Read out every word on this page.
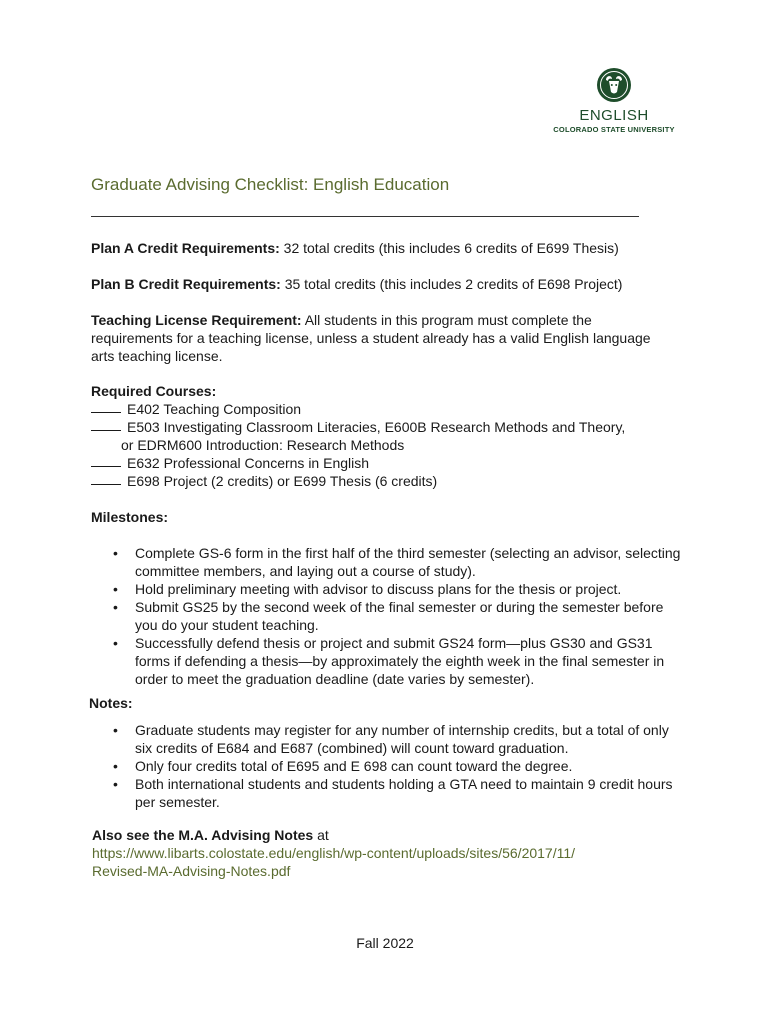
ENGLISH
COLORADO STATE UNIVERSITY
Graduate Advising Checklist: English Education
Plan A Credit Requirements: 32 total credits (this includes 6 credits of E699 Thesis)
Plan B Credit Requirements: 35 total credits (this includes 2 credits of E698 Project)
Teaching License Requirement: All students in this program must complete the requirements for a teaching license, unless a student already has a valid English language arts teaching license.
Required Courses:
E402 Teaching Composition
E503 Investigating Classroom Literacies, E600B Research Methods and Theory,
or EDRM600 Introduction: Research Methods
E632 Professional Concerns in English
E698 Project (2 credits) or E699 Thesis (6 credits)
Milestones:
• Complete GS-6 form in the first half of the third semester (selecting an advisor, selecting committee members, and laying out a course of study).
• Hold preliminary meeting with advisor to discuss plans for the thesis or project.
• Submit GS25 by the second week of the final semester or during the semester before you do your student teaching.
• Successfully defend thesis or project and submit GS24 form—plus GS30 and GS31 forms if defending a thesis—by approximately the eighth week in the final semester in order to meet the graduation deadline (date varies by semester).
Notes:
• Graduate students may register for any number of internship credits, but a total of only six credits of E684 and E687 (combined) will count toward graduation.
• Only four credits total of E695 and E 698 can count toward the degree.
• Both international students and students holding a GTA need to maintain 9 credit hours per semester.
Also see the M.A. Advising Notes at
https://www.libarts.colostate.edu/english/wp-content/uploads/sites/56/2017/11/
Revised-MA-Advising-Notes.pdf
Fall 2022
